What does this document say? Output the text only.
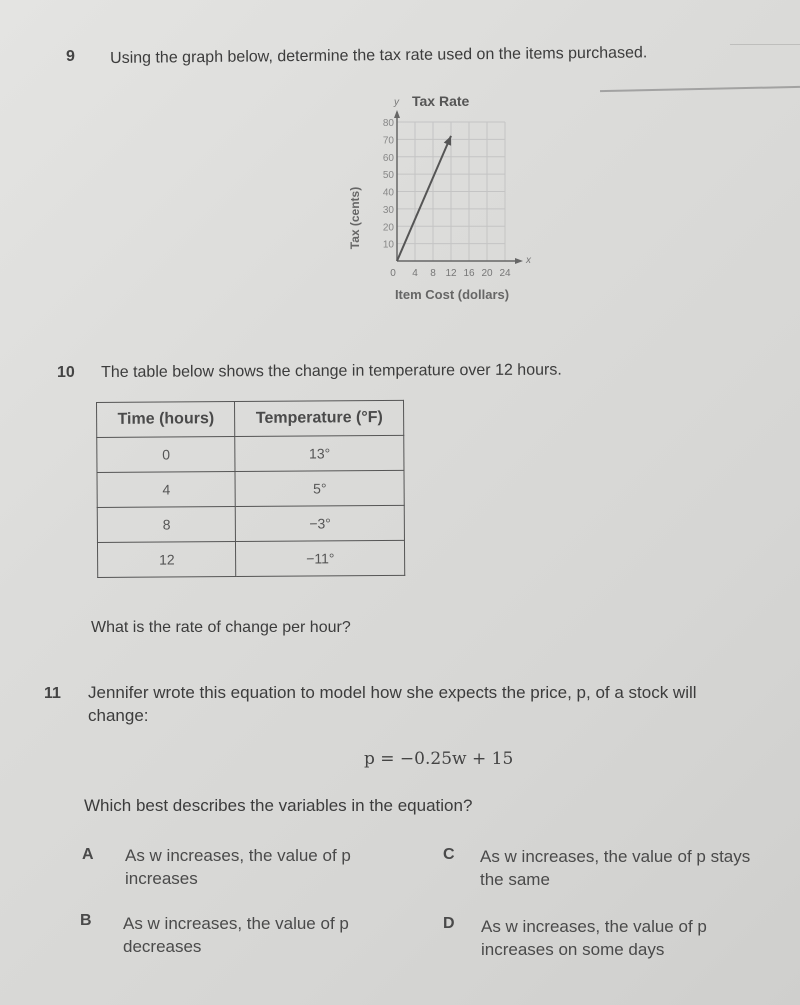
9 Using the graph below, determine the tax rate used on the items purchased.
10
20
30
40
50
60
70
80
0 4 8 12 16 20 24
Tax Rate
y
x
Tax (cents)
Item Cost (dollars)
10 The table below shows the change in temperature over 12 hours.
Time (hours)	Temperature (°F)
0	13°
4	5°
8	−3°
12	−11°
What is the rate of change per hour?
11 Jennifer wrote this equation to model how she expects the price, p, of a stock will
change:
p = −0.25w + 15
Which best describes the variables in the equation?
A As w increases, the value of p
increases
B As w increases, the value of p
decreases
C As w increases, the value of p stays
the same
D As w increases, the value of p
increases on some days
